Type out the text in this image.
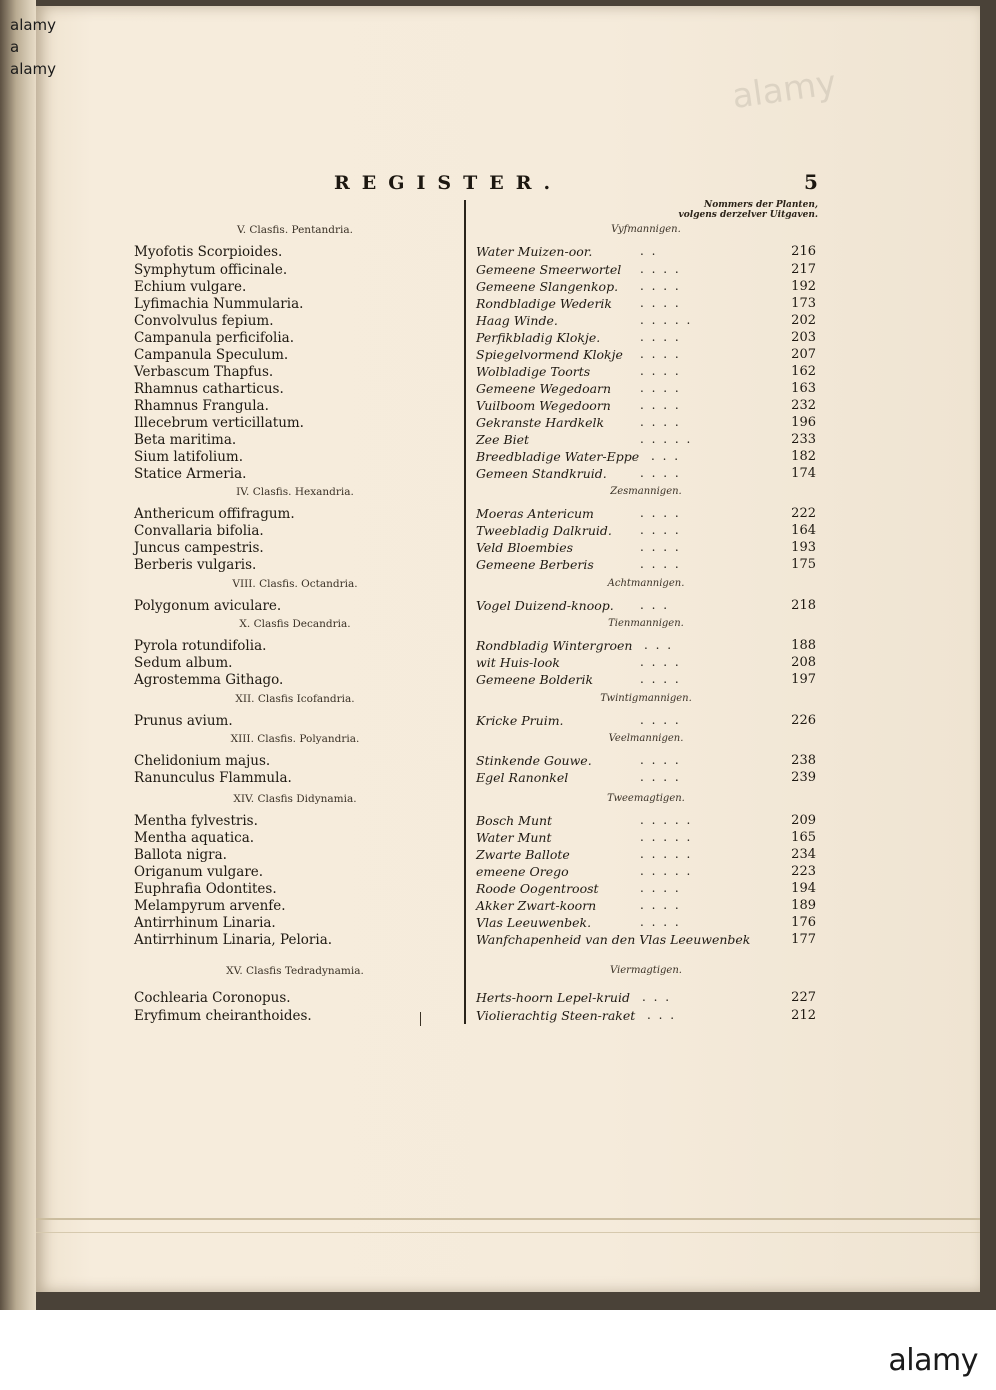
alamy
a
alamy	alamy
REGISTER.	5
Nommers der Planten,
volgens derzelver Uitgaven.
V. Clasfis. Pentandria.	Vyfmannigen.
Myofotis Scorpioides.	Water Muizen-oor.	. .	216
Symphytum officinale.	Gemeene Smeerwortel . . . .	217
Echium vulgare.	Gemeene Slangenkop. . . . .	192
Lyfimachia Nummularia.	Rondbladige Wederik . . . .	173
Convolvulus fepium.	Haag Winde.	. . . . .	202
Campanula perficifolia.	Perfikbladig Klokje.	. . . .	203
Campanula Speculum.	Spiegelvormend Klokje . . . .	207
Verbascum Thapfus.	Wolbladige Toorts	. . . .	162
Rhamnus catharticus.	Gemeene Wegedoarn . . . .	163
Rhamnus Frangula.	Vuilboom Wegedoorn . . . .	232
Illecebrum verticillatum.	Gekranste Hardkelk	. . . .	196
Beta maritima.	Zee Biet	. . . . .	233
Sium latifolium.	Breedbladige Water-Eppe . . .	182
Statice Armeria.	Gemeen Standkruid.	. . . .	174
IV. Clasfis. Hexandria.	Zesmannigen.
Anthericum offifragum.	Moeras Antericum	. . . .	222
Convallaria bifolia.	Tweebladig Dalkruid. . . . .	164
Juncus campestris.	Veld Bloembies	. . . .	193
Berberis vulgaris.	Gemeene Berberis	. . . .	175
VIII. Clasfis. Octandria.	Achtmannigen.
Polygonum aviculare.	Vogel Duizend-knoop. . . .	218
X. Clasfis Decandria.	Tienmannigen.
Pyrola rotundifolia.	Rondbladig Wintergroen . . .	188
Sedum album.	wit Huis-look	. . . .	208
Agrostemma Githago.	Gemeene Bolderik	. . . .	197
XII. Clasfis Icofandria.	Twintigmannigen.
Prunus avium.	Kricke Pruim.	. . . .	226
XIII. Clasfis. Polyandria.	Veelmannigen.
Chelidonium majus.	Stinkende Gouwe.	. . . .	238
Ranunculus Flammula.	Egel Ranonkel	. . . .	239
XIV. Clasfis Didynamia.	Tweemagtigen.
Mentha fylvestris.	Bosch Munt	. . . . .	209
Mentha aquatica.	Water Munt	. . . . .	165
Ballota nigra.	Zwarte Ballote	. . . . .	234
Origanum vulgare.	emeene Orego	. . . . .	223
Euphrafia Odontites.	Roode Oogentroost	. . . .	194
Melampyrum arvenfe.	Akker Zwart-koorn	. . . .	189
Antirrhinum Linaria.	Vlas Leeuwenbek.	. . . .	176
Antirrhinum Linaria, Peloria.	Wanfchapenheid van den Vlas Leeuwenbek	177
XV. Clasfis Tedradynamia.	Viermagtigen.
Cochlearia Coronopus.	Herts-hoorn Lepel-kruid . . .	227
Eryfimum cheiranthoides.	Violierachtig Steen-raket . . .	212
alamy
